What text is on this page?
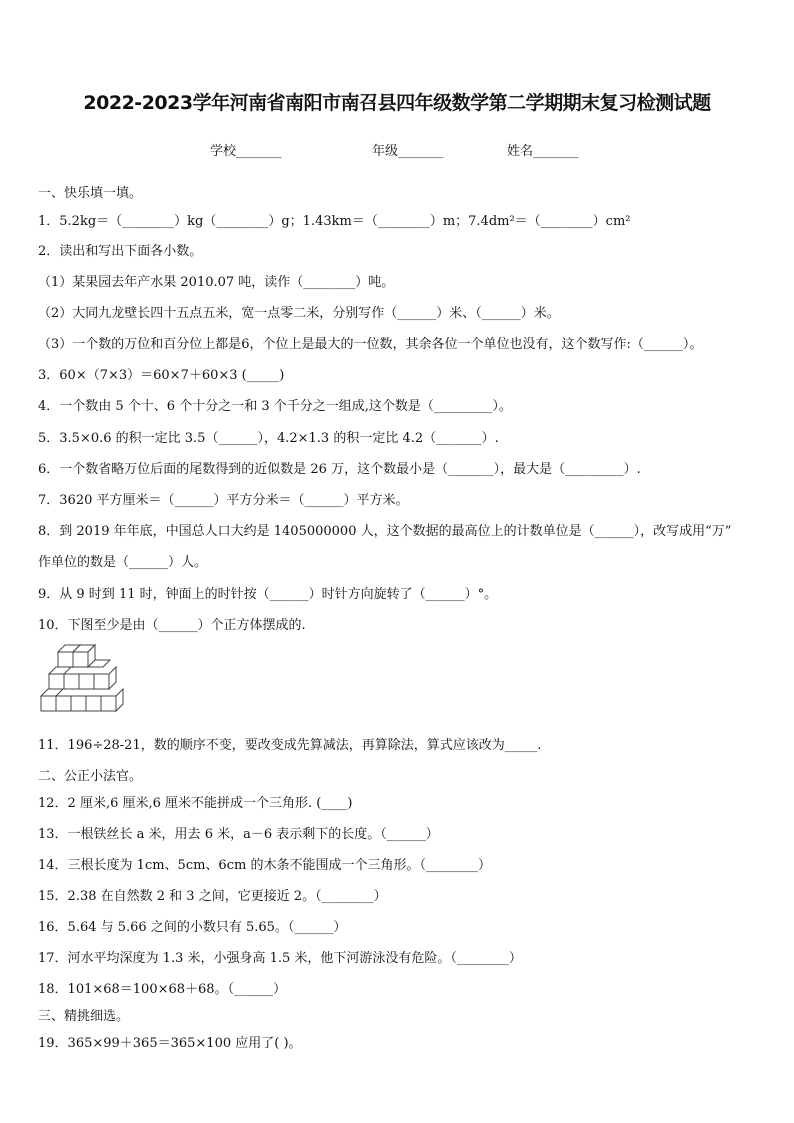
2022-2023学年河南省南阳市南召县四年级数学第二学期期末复习检测试题
学校_______	年级_______	姓名_______
一、快乐填一填。
1．5.2kg＝（________）kg（________）g；1.43km＝（________）m；7.4dm²＝（________）cm²
2．读出和写出下面各小数。
（1）某果园去年产水果 2010.07 吨，读作（________）吨。
（2）大同九龙壁长四十五点五米，宽一点零二米，分别写作（______）米、（______）米。
（3）一个数的万位和百分位上都是6，个位上是最大的一位数，其余各位一个单位也没有，这个数写作:（______）。
3．60×（7×3）＝60×7＋60×3 (_____)
4．一个数由 5 个十、6 个十分之一和 3 个千分之一组成,这个数是（_________）。
5．3.5×0.6 的积一定比 3.5（______），4.2×1.3 的积一定比 4.2（_______）.
6．一个数省略万位后面的尾数得到的近似数是 26 万，这个数最小是（_______），最大是（_________）.
7．3620 平方厘米＝（______）平方分米＝（______）平方米。
8．到 2019 年年底，中国总人口大约是 1405000000 人，这个数据的最高位上的计数单位是（______），改写成用“万”
作单位的数是（______）人。
9．从 9 时到 11 时，钟面上的时针按（______）时针方向旋转了（______）°。
10．下图至少是由（______）个正方体摆成的.
11．196÷28-21，数的顺序不变，要改变成先算减法，再算除法，算式应该改为_____.
二、公正小法官。
12．2 厘米,6 厘米,6 厘米不能拼成一个三角形. (____)
13．一根铁丝长 a 米，用去 6 米，a－6 表示剩下的长度。（______）
14．三根长度为 1cm、5cm、6cm 的木条不能围成一个三角形。（________）
15．2.38 在自然数 2 和 3 之间，它更接近 2。（________）
16．5.64 与 5.66 之间的小数只有 5.65。（______）
17．河水平均深度为 1.3 米，小强身高 1.5 米，他下河游泳没有危险。（________）
18．101×68＝100×68＋68。（______）
三、精挑细选。
19．365×99＋365＝365×100 应用了( )。
